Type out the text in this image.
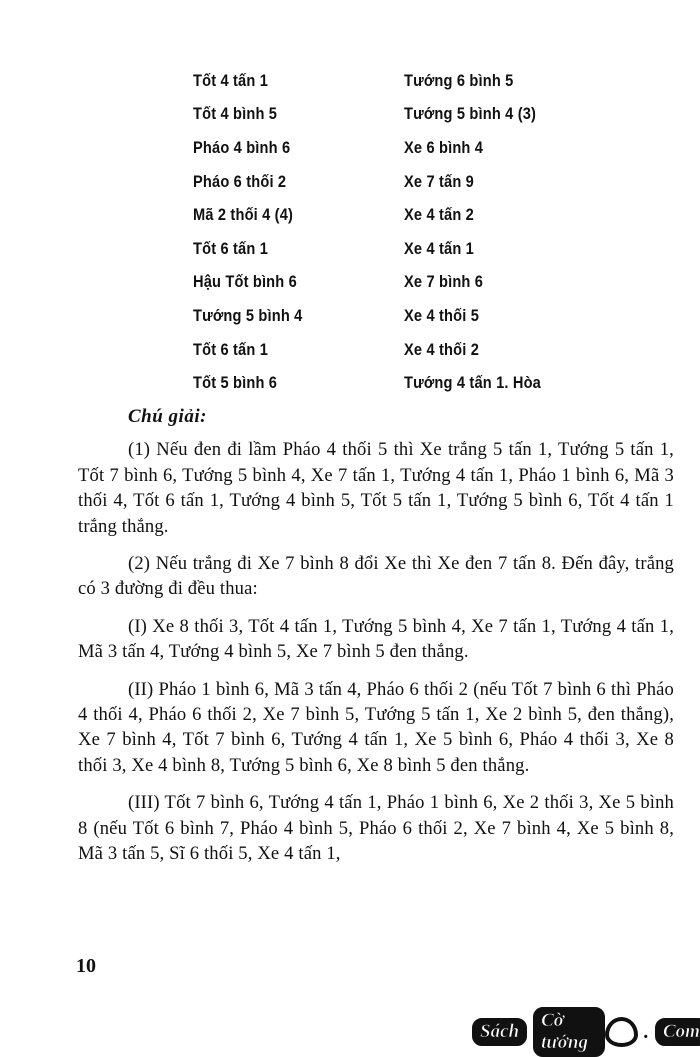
Tốt 4 tấn 1	Tướng 6 bình 5
Tốt 4 bình 5	Tướng 5 bình 4 (3)
Pháo 4 bình 6	Xe 6 bình 4
Pháo 6 thối 2	Xe 7 tấn 9
Mã 2 thối 4 (4)	Xe 4 tấn 2
Tốt 6 tấn 1	Xe 4 tấn 1
Hậu Tốt bình 6	Xe 7 bình 6
Tướng 5 bình 4	Xe 4 thối 5
Tốt 6 tấn 1	Xe 4 thối 2
Tốt 5 bình 6	Tướng 4 tấn 1. Hòa
Chú giải:

(1) Nếu đen đi lầm Pháo 4 thối 5 thì Xe trắng 5 tấn 1, Tướng 5 tấn 1, Tốt 7 bình 6, Tướng 5 bình 4, Xe 7 tấn 1, Tướng 4 tấn 1, Pháo 1 bình 6, Mã 3 thối 4, Tốt 6 tấn 1, Tướng 4 bình 5, Tốt 5 tấn 1, Tướng 5 bình 6, Tốt 4 tấn 1 trắng thắng.

(2) Nếu trắng đi Xe 7 bình 8 đổi Xe thì Xe đen 7 tấn 8. Đến đây, trắng có 3 đường đi đều thua:

(I) Xe 8 thối 3, Tốt 4 tấn 1, Tướng 5 bình 4, Xe 7 tấn 1, Tướng 4 tấn 1, Mã 3 tấn 4, Tướng 4 bình 5, Xe 7 bình 5 đen thắng.

(II) Pháo 1 bình 6, Mã 3 tấn 4, Pháo 6 thối 2 (nếu Tốt 7 bình 6 thì Pháo 4 thối 4, Pháo 6 thối 2, Xe 7 bình 5, Tướng 5 tấn 1, Xe 2 bình 5, đen thắng), Xe 7 bình 4, Tốt 7 bình 6, Tướng 4 tấn 1, Xe 5 bình 6, Pháo 4 thối 3, Xe 8 thối 3, Xe 4 bình 8, Tướng 5 bình 6, Xe 8 bình 5 đen thắng.

(III) Tốt 7 bình 6, Tướng 4 tấn 1, Pháo 1 bình 6, Xe 2 thối 3, Xe 5 bình 8 (nếu Tốt 6 bình 7, Pháo 4 bình 5, Pháo 6 thối 2, Xe 7 bình 4, Xe 5 bình 8, Mã 3 tấn 5, Sĩ 6 thối 5, Xe 4 tấn 1,

10
Sách
Cờ tướng	. Com
